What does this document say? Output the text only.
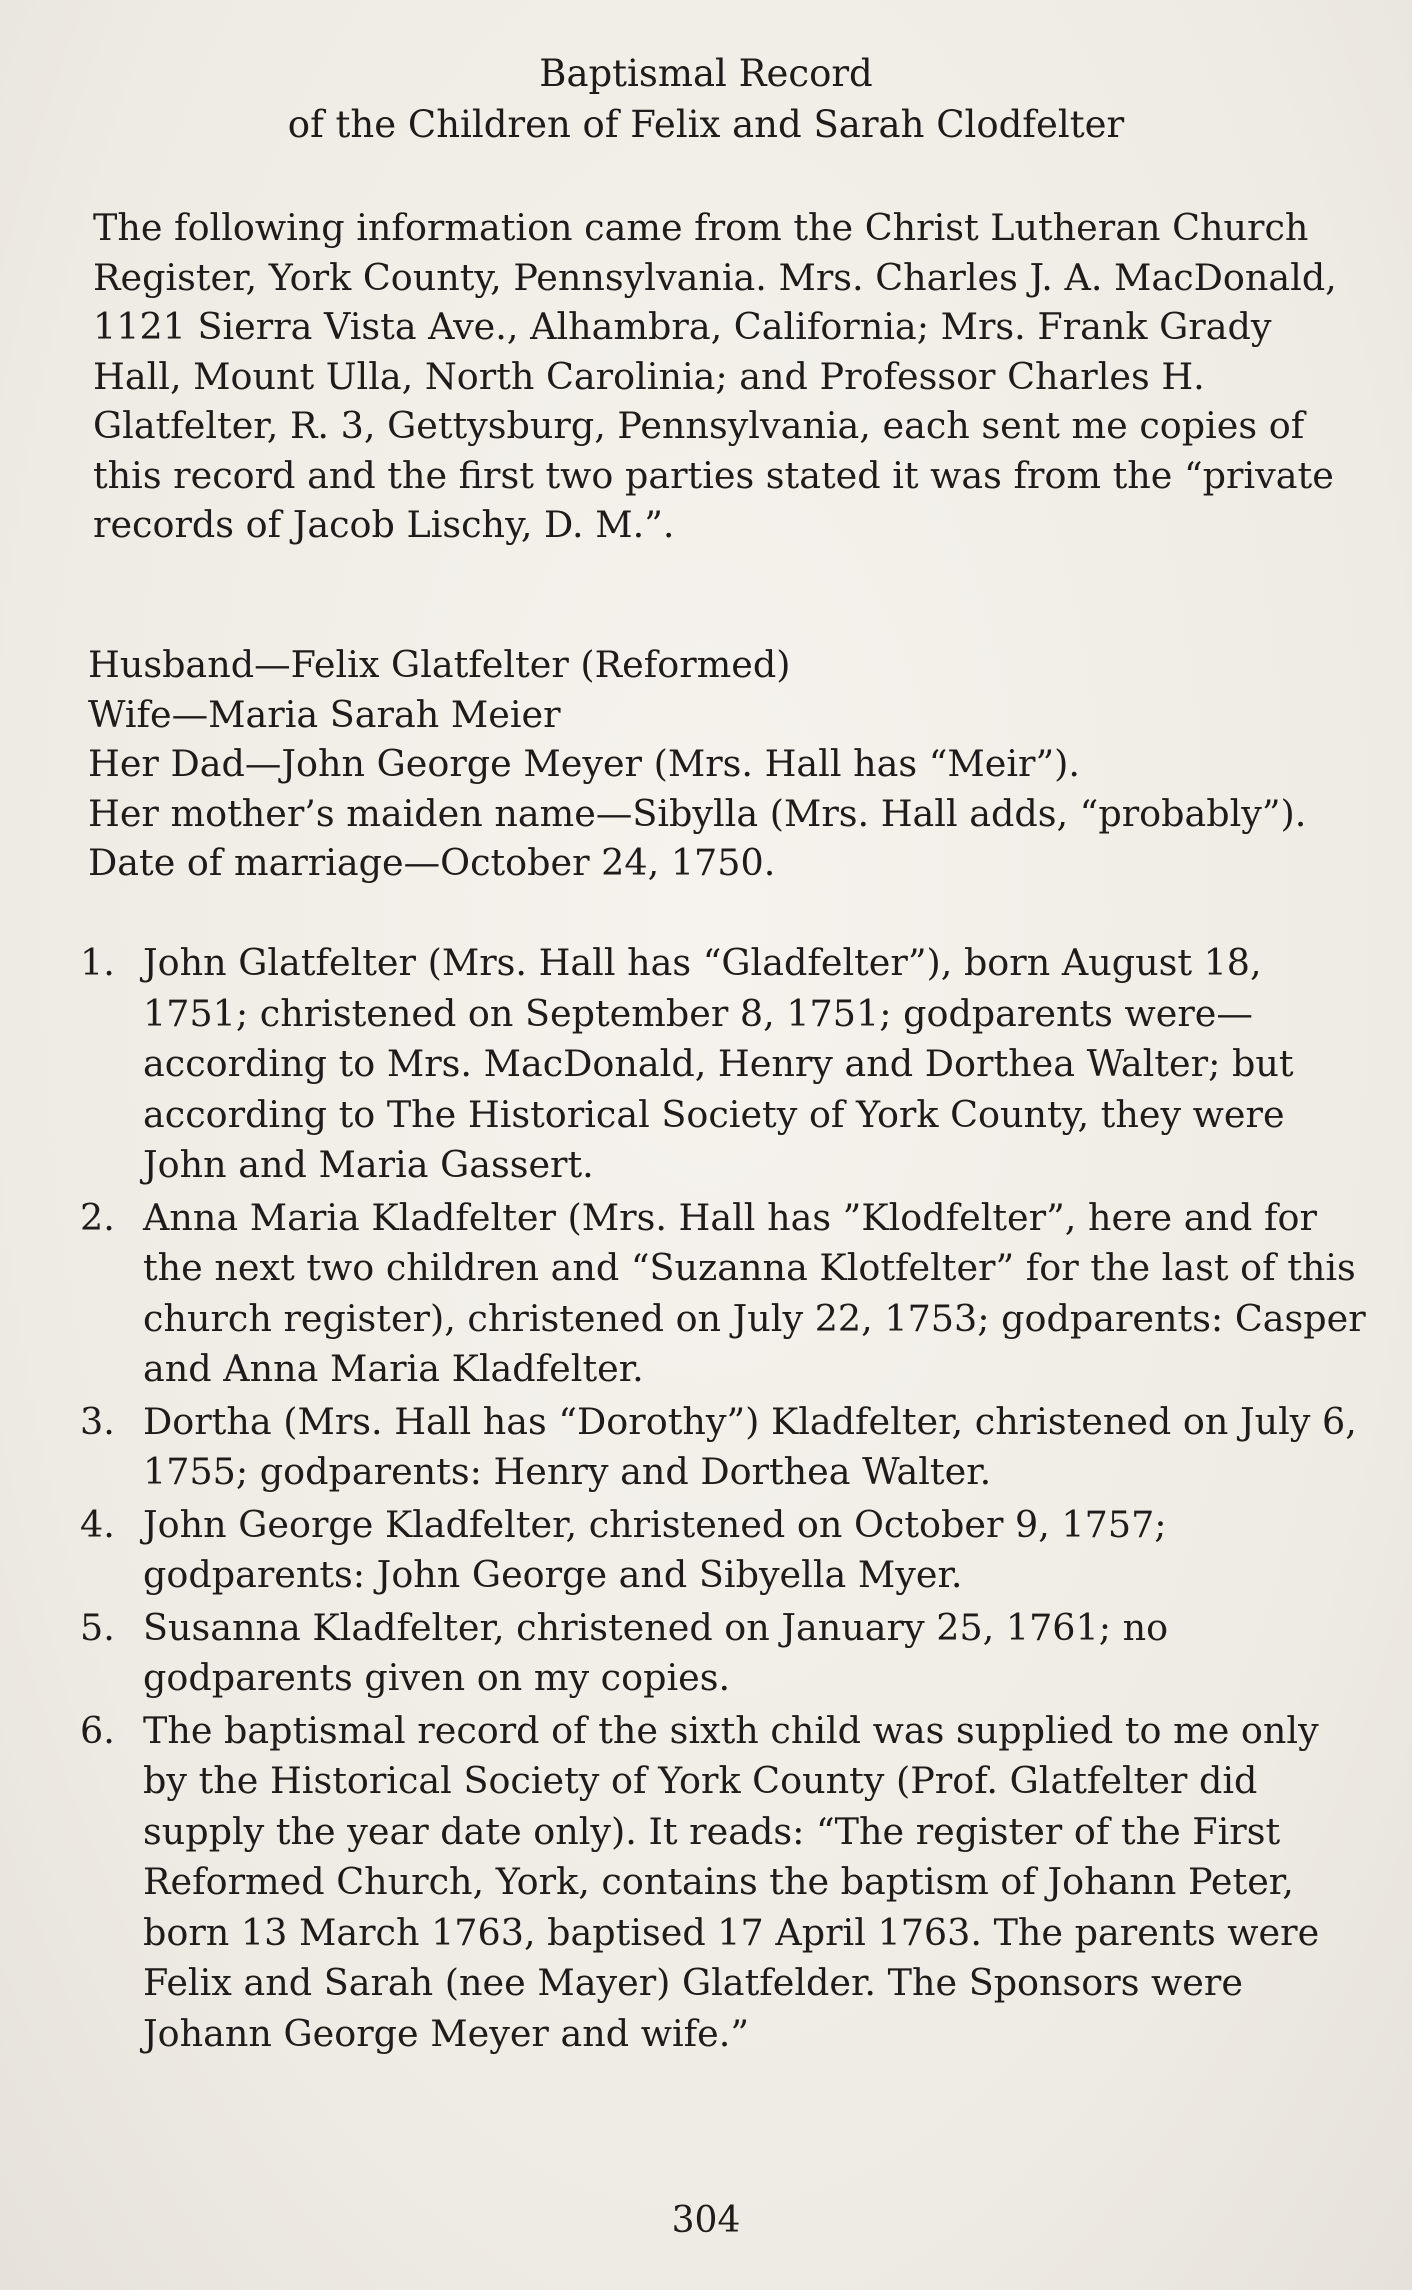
Baptismal Record
of the Children of Felix and Sarah Clodfelter

The following information came from the Christ Lutheran Church Register, York County, Pennsylvania. Mrs. Charles J. A. MacDonald, 1121 Sierra Vista Ave., Alhambra, California; Mrs. Frank Grady Hall, Mount Ulla, North Carolinia; and Professor Charles H. Glatfelter, R. 3, Gettysburg, Pennsylvania, each sent me copies of this record and the first two parties stated it was from the “private records of Jacob Lischy, D. M.”.

Husband—Felix Glatfelter (Reformed)

Wife—Maria Sarah Meier

Her Dad—John George Meyer (Mrs. Hall has “Meir”).

Her mother’s maiden name—Sibylla (Mrs. Hall adds, “probably”).

Date of marriage—October 24, 1750.

1. John Glatfelter (Mrs. Hall has “Gladfelter”), born August 18, 1751; christened on September 8, 1751; godparents were—according to Mrs. MacDonald, Henry and Dorthea Walter; but according to The Historical Society of York County, they were John and Maria Gassert.
2. Anna Maria Kladfelter (Mrs. Hall has ”Klodfelter”, here and for the next two children and “Suzanna Klotfelter” for the last of this church register), christened on July 22, 1753; godparents: Casper and Anna Maria Kladfelter.
3. Dortha (Mrs. Hall has “Dorothy”) Kladfelter, christened on July 6, 1755; godparents: Henry and Dorthea Walter.
4. John George Kladfelter, christened on October 9, 1757; godparents: John George and Sibyella Myer.
5. Susanna Kladfelter, christened on January 25, 1761; no godparents given on my copies.
6. The baptismal record of the sixth child was supplied to me only by the Historical Society of York County (Prof. Glatfelter did supply the year date only). It reads: “The register of the First Reformed Church, York, contains the baptism of Johann Peter, born 13 March 1763, baptised 17 April 1763. The parents were Felix and Sarah (nee Mayer) Glatfelder. The Sponsors were Johann George Meyer and wife.”
304
